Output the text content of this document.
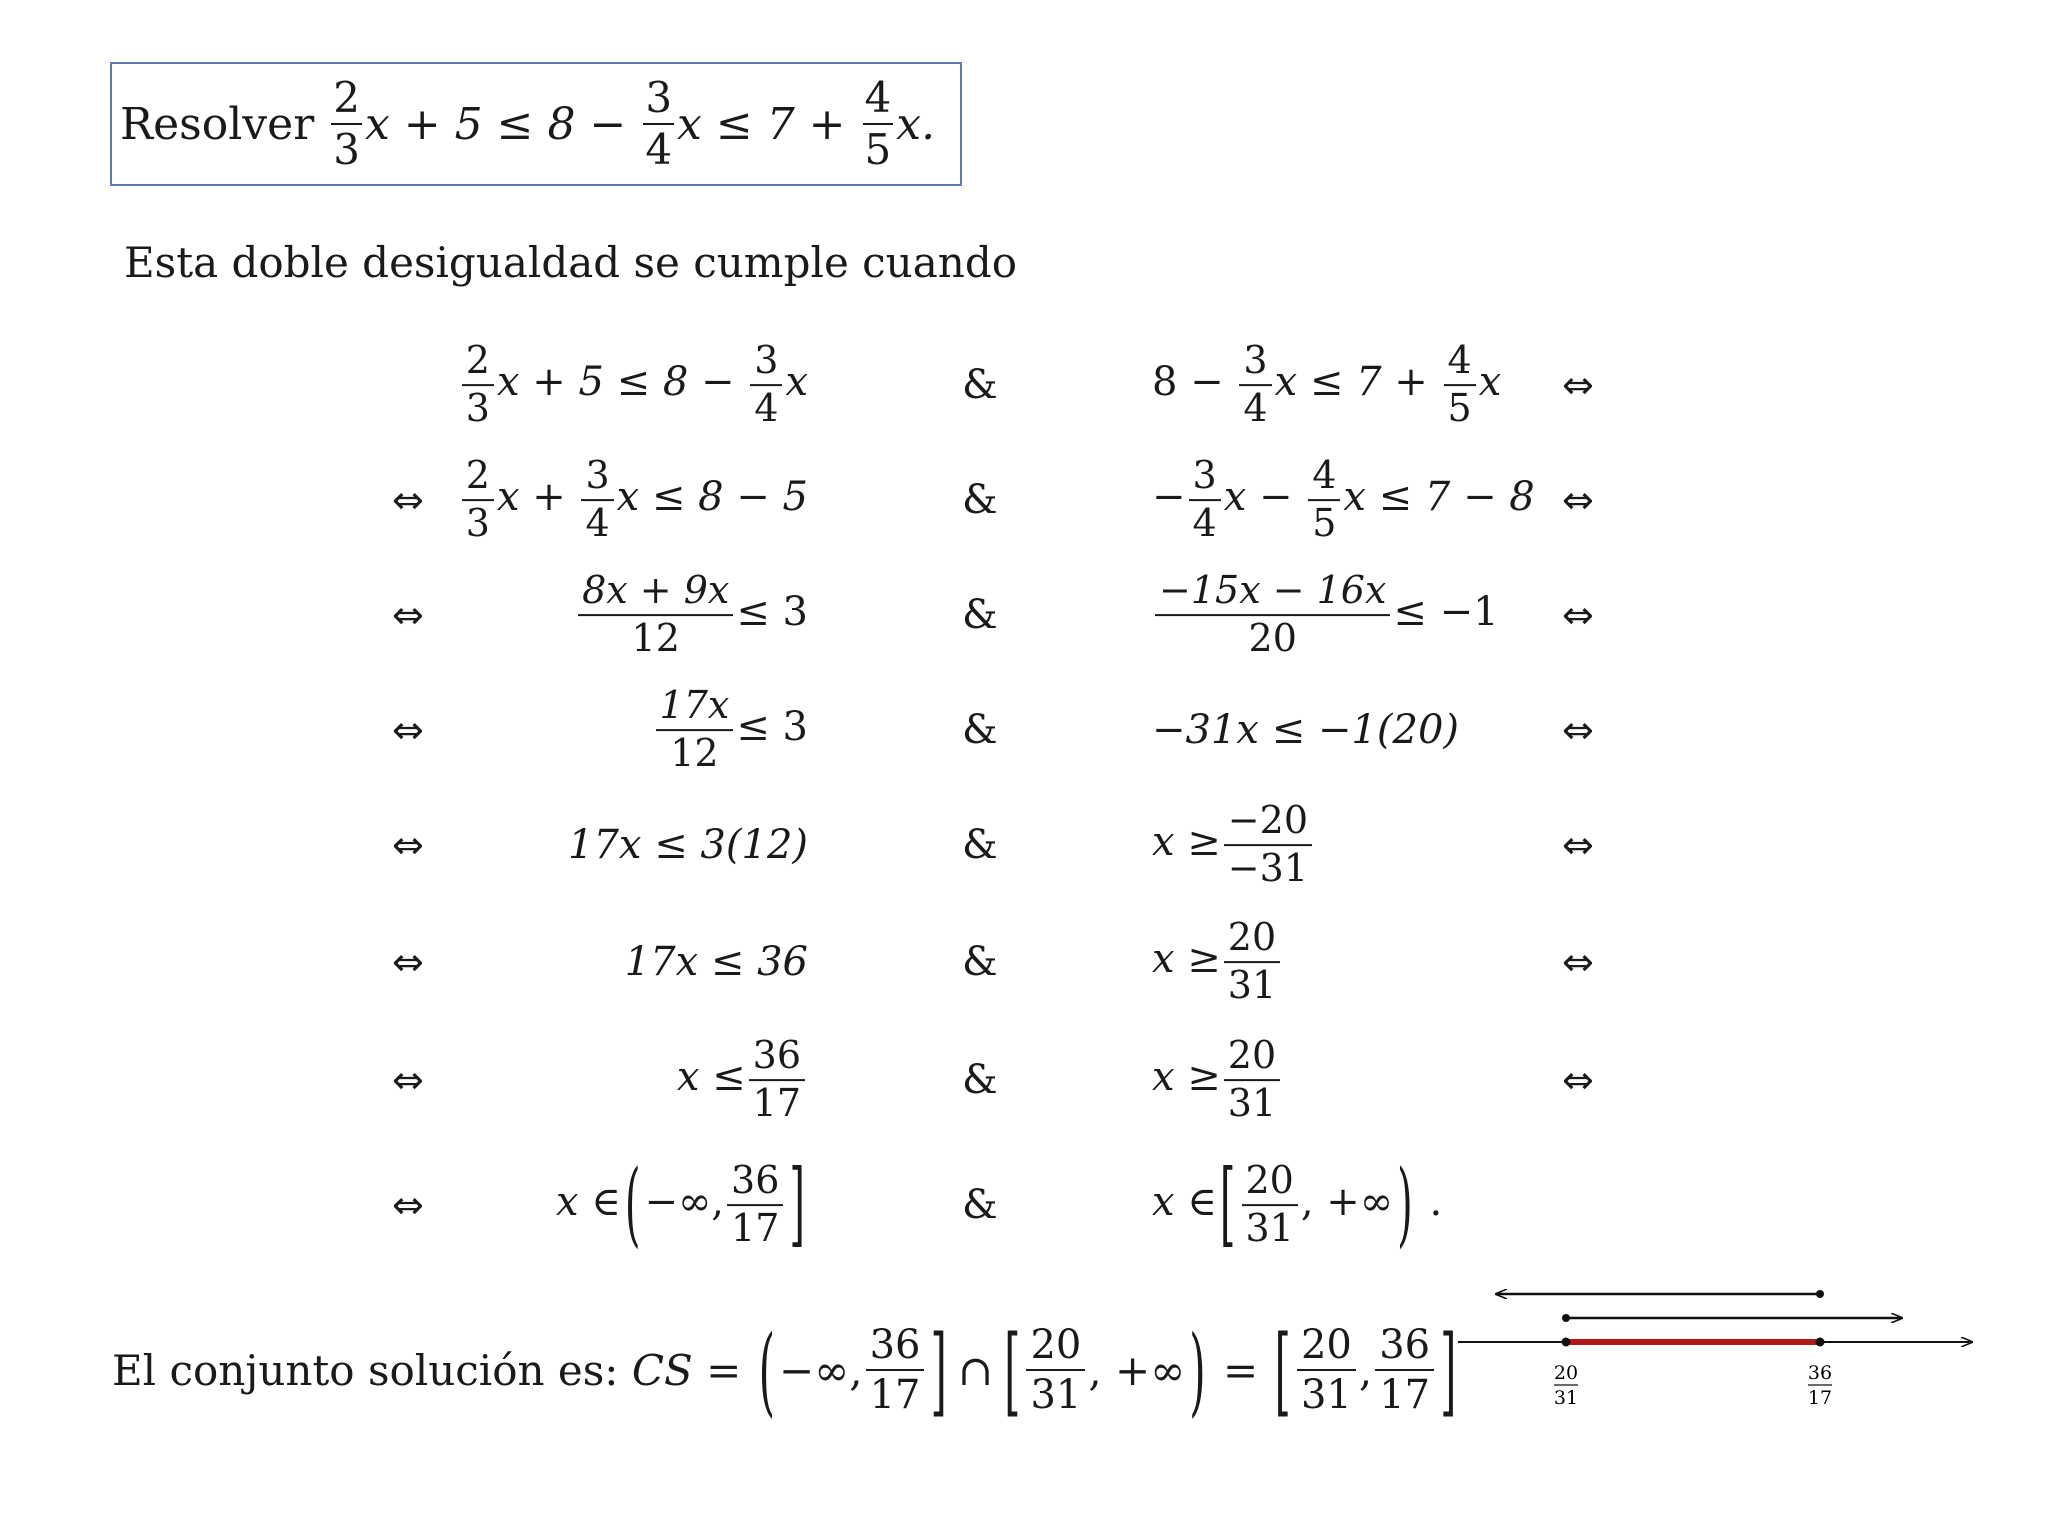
Resolver
$\frac{2}{3}$ $x + 5 \le 8 - \frac{3}{4}$ $x \le 7 + \frac{4}{5} x$.
Esta doble desigualdad se cumple cuando
$\frac{2}{3}$ $x + 5 \le 8 - \frac{3}{4}$ x	&	$8 - \frac{3}{4}$ $x \le 7 + \frac{4}{5}$ x ⇔
⇔ $\frac{2}{3}$ $x + \frac{3}{4}$ x ≤ 8 − 5	&	− $\frac{3}{4}$ $x - \frac{4}{5}$ x ≤ 7 − 8 ⇔
⇔	$\frac{8x + 9x}{12} \le 3$	&	$\frac{-15x - 16x}{20} \le -1$ ⇔
⇔	$\frac{17x}{12} \le 3$	&	−31x ≤ −1(20)	⇔
⇔	17x ≤ 3(12)	&	$x \ge \frac{-20}{-31}$	⇔
⇔	17x ≤ 36	&	$x \ge \frac{20}{31}$	⇔
⇔	$x \le \frac{36}{17}$	&	$x \ge \frac{20}{31}$	⇔
⇔	x ∈ ( −∞, $\frac{36}{17}$ ]	&	x ∈[ $\frac{20}{31}$ , +∞ ) .
El conjunto solución es: CS = ( −∞, $\frac{36}{17}$ ] ∩ [ $\frac{20}{31}$ , +∞ ) = [ $\frac{20}{31}$ , $\frac{36}{17}$ ]	20
31
36
17
